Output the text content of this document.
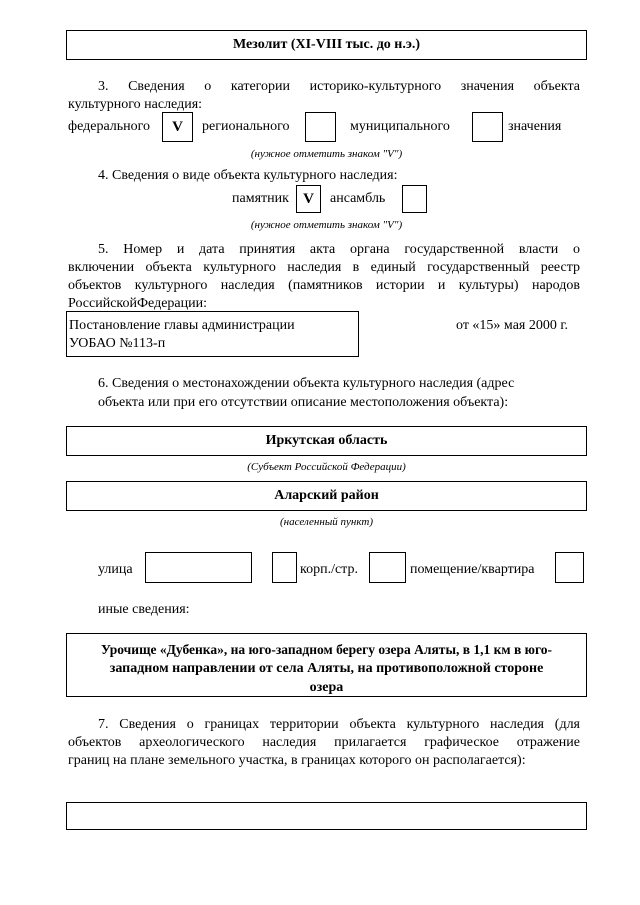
Мезолит (XI-VIII тыс. до н.э.)
3. Сведения о категории историко-культурного значения объекта
культурного наследия:
федерального	V	регионального	муниципального	значения
(нужное отметить знаком "V")
4. Сведения о виде объекта культурного наследия:
памятник V	ансамбль
(нужное отметить знаком "V")
5. Номер и дата принятия акта органа государственной власти о
включении объекта культурного наследия в единый государственный реестр
объектов культурного наследия (памятников истории и культуры) народов
РоссийскойФедерации:
Постановление главы администрации
УОБАО №113-п
от «15» мая 2000 г.
6. Сведения о местонахождении объекта культурного наследия (адрес
объекта или при его отсутствии описание местоположения объекта):
Иркутская область
(Субъект Российской Федерации)
Аларский район
(населенный пункт)
улица	корп./стр.	помещение/квартира
иные сведения:
Урочище «Дубенка», на юго-западном берегу озера Аляты, в 1,1 км в юго-
западном направлении от села Аляты, на противоположной стороне
озера
7. Сведения о границах территории объекта культурного наследия (для
объектов археологического наследия прилагается графическое отражение
границ на плане земельного участка, в границах которого он располагается):
